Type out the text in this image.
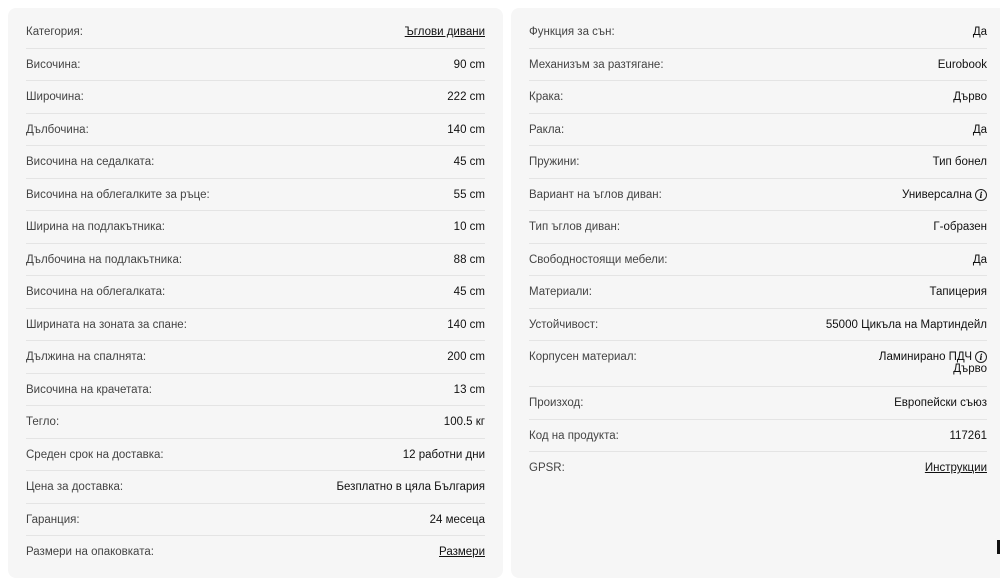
Категория:	Ъглови дивани
Височина:	90 cm
Широчина:	222 cm
Дълбочина:	140 cm
Височина на седалката:	45 cm
Височина на облегалките за ръце:	55 cm
Ширина на подлакътника:	10 cm
Дълбочина на подлакътника:	88 cm
Височина на облегалката:	45 cm
Ширината на зоната за спане:	140 cm
Дължина на спалнята:	200 cm
Височина на крачетата:	13 cm
Тегло:	100.5 кг
Среден срок на доставка:	12 работни дни
Цена за доставка:	Безплатно в цяла България
Гаранция:	24 месеца
Размери на опаковката:	Размери
Функция за сън:	Да
Механизъм за разтягане:	Eurobook
Крака:	Дърво
Ракла:	Да
Пружини:	Тип бонел
Вариант на ъглов диван:	Универсална i
Тип ъглов диван:	Г-образен
Свободностоящи мебели:	Да
Материали:	Тапицерия
Устойчивост:	55000 Цикъла на Мартиндейл
Корпусен материал:	Ламинирано ПДЧ i
Дърво
Произход:	Европейски съюз
Код на продукта:	117261
GPSR:	Инструкции
